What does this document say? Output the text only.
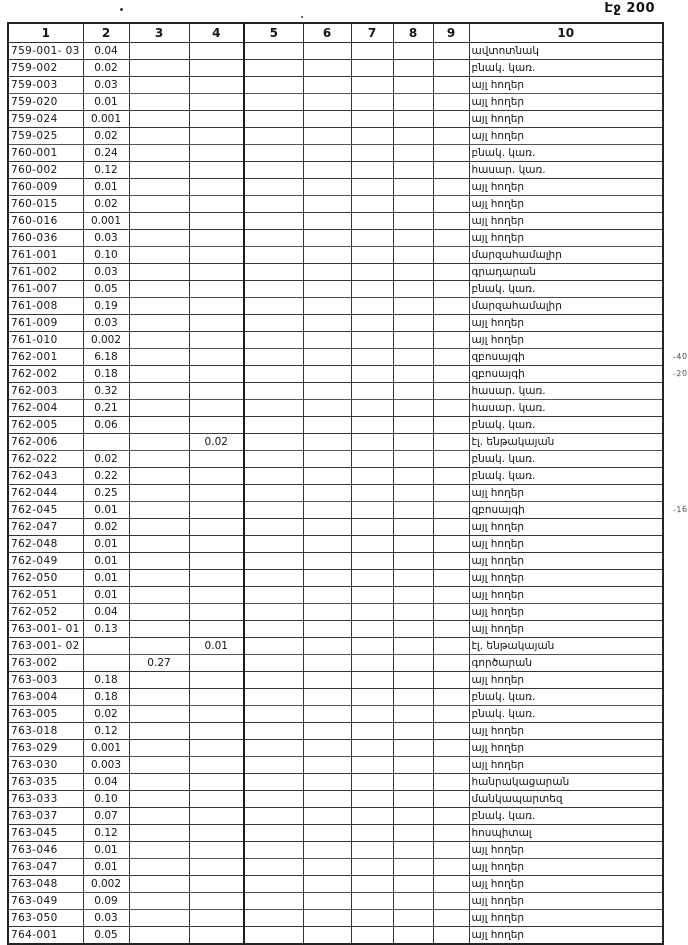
Էջ 200
1	2	3	4	5	6	7	8	9	10
759-001- 03	0.04								ավտոտնակ
759-002	0.02								բնակ. կառ.
759-003	0.03								այլ հողեր
759-020	0.01								այլ հողեր
759-024	0.001								այլ հողեր
759-025	0.02								այլ հողեր
760-001	0.24								բնակ. կառ.
760-002	0.12								հասար. կառ.
760-009	0.01								այլ հողեր
760-015	0.02								այլ հողեր
760-016	0.001								այլ հողեր
760-036	0.03								այլ հողեր
761-001	0.10								մարզահամալիր
761-002	0.03								գրադարան
761-007	0.05								բնակ. կառ.
761-008	0.19								մարզահամալիր
761-009	0.03								այլ հողեր
761-010	0.002								այլ հողեր
762-001	6.18								զբոսայգի -40

762-002	0.18								զբոսայգի -20

762-003	0.32								հասար. կառ.
762-004	0.21								հասար. կառ.
762-005	0.06								բնակ. կառ.
762-006			0.02						էլ. ենթակայան
762-022	0.02								բնակ. կառ.
762-043	0.22								բնակ. կառ.
762-044	0.25								այլ հողեր
762-045	0.01								զբոսայգի -16

762-047	0.02								այլ հողեր
762-048	0.01								այլ հողեր
762-049	0.01								այլ հողեր
762-050	0.01								այլ հողեր
762-051	0.01								այլ հողեր
762-052	0.04								այլ հողեր
763-001- 01	0.13								այլ հողեր
763-001- 02			0.01						էլ. ենթակայան
763-002		0.27							գործարան
763-003	0.18								այլ հողեր
763-004	0.18								բնակ. կառ.
763-005	0.02								բնակ. կառ.
763-018	0.12								այլ հողեր
763-029	0.001								այլ հողեր
763-030	0.003								այլ հողեր
763-035	0.04								հանրակացարան
763-033	0.10								մանկապարտեզ
763-037	0.07								բնակ. կառ.
763-045	0.12								հոսպիտալ
763-046	0.01								այլ հողեր
763-047	0.01								այլ հողեր
763-048	0.002								այլ հողեր
763-049	0.09								այլ հողեր
763-050	0.03								այլ հողեր
764-001	0.05								այլ հողեր
